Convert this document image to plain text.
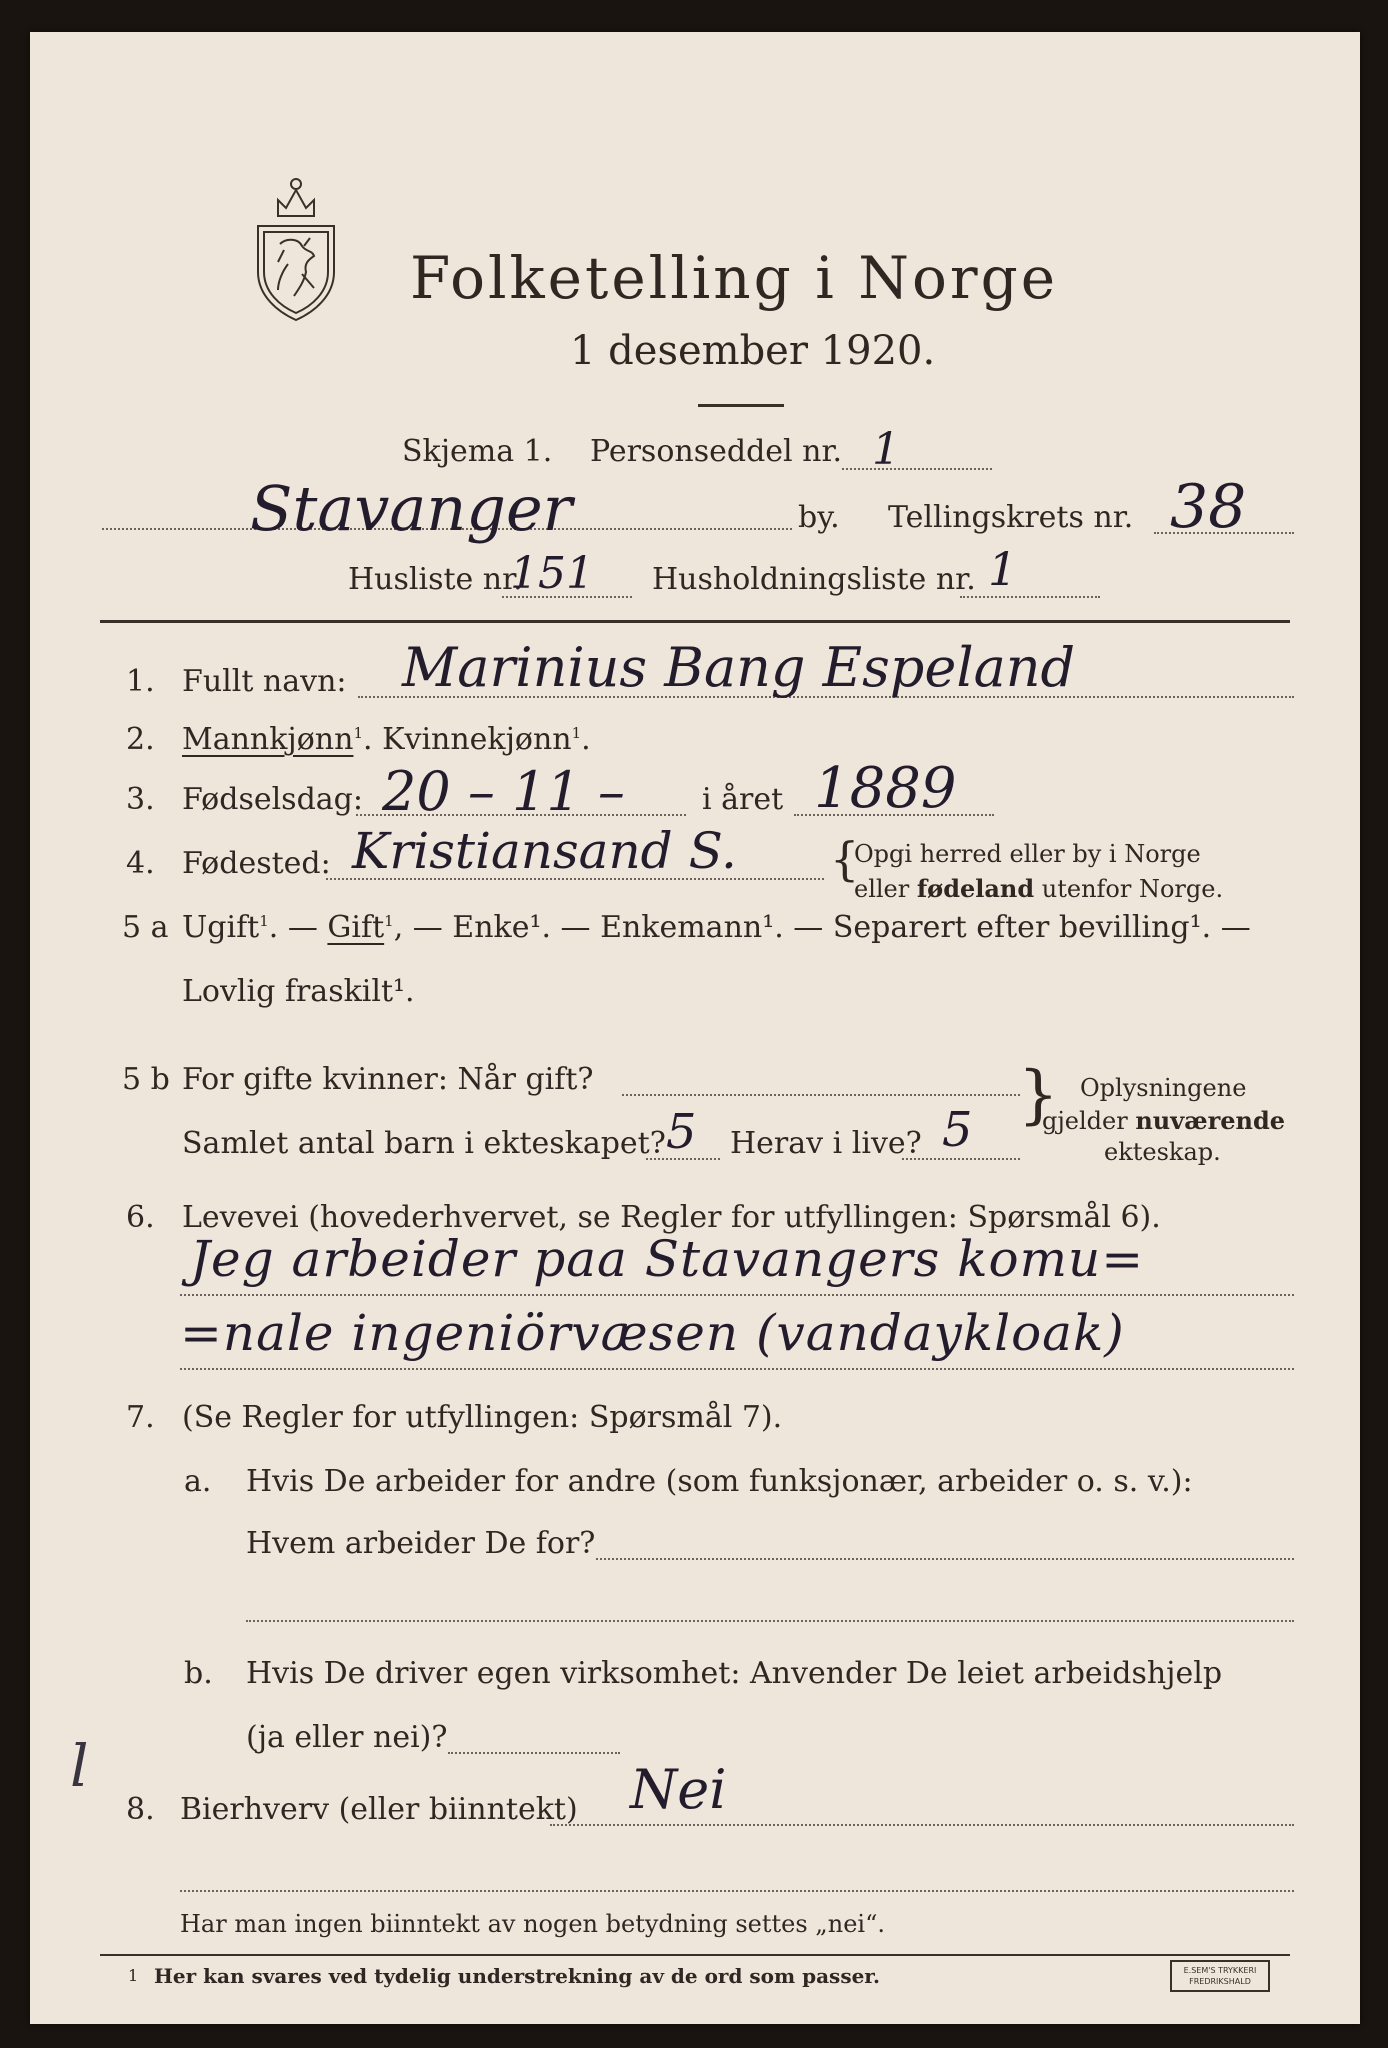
Folketelling i Norge
1 desember 1920.
Skjema 1. Personseddel nr. 1
Stavanger	by. Tellingskrets nr. 38
Husliste nr.
151 Husholdningsliste nr. 1
1. Fullt navn: Marinius Bang Espeland
2. Mannkjønn$^1$. Kvinnekjønn$^1$.
3. Fødselsdag: 20 – 11 –	i året 1889
4. Fødested: Kristiansand S. {
Opgi herred eller by i Norge
eller fødeland utenfor Norge.
5 a Ugift$^1$. — Gift$^1$, — Enke¹. — Enkemann¹. — Separert efter bevilling¹. —
Lovlig fraskilt¹.
5 b For gifte kvinner: Når gift?
Samlet antal barn i ekteskapet? 5 Herav i live? 5 } Oplysningene
gjelder nuværende
ekteskap.
6. Levevei (hovederhvervet, se Regler for utfyllingen: Spørsmål 6).
Jeg arbeider paa Stavangers komu=
=nale ingeniörvæsen (vandaykloak)
7. (Se Regler for utfyllingen: Spørsmål 7).
a. Hvis De arbeider for andre (som funksjonær, arbeider o. s. v.):
Hvem arbeider De for?
b. Hvis De driver egen virksomhet: Anvender De leiet arbeidshjelp
(ja eller nei)?
l
8. Bierhverv (eller biinntekt) Nei
Har man ingen biinntekt av nogen betydning settes „nei“.
1 Her kan svares ved tydelig understrekning av de ord som passer.	E.SEM'S TRYKKERI
FREDRIKSHALD
